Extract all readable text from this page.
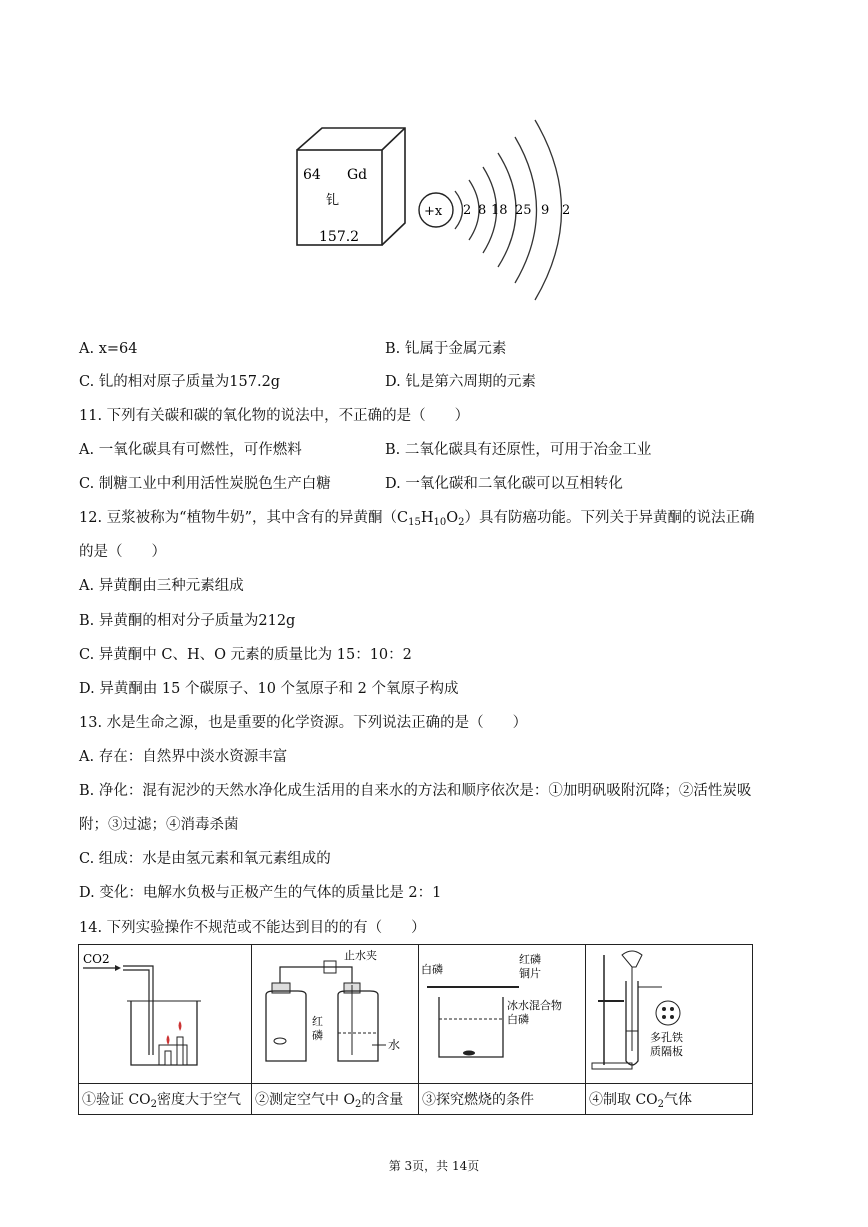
64 Gd
钆
157.2
+x 2 8 18 25 9 2
A. x=64	B. 钆属于金属元素
C. 钆的相对原子质量为157.2g	D. 钆是第六周期的元素
11. 下列有关碳和碳的氧化物的说法中，不正确的是（　　）
A. 一氧化碳具有可燃性，可作燃料	B. 二氧化碳具有还原性，可用于冶金工业
C. 制糖工业中利用活性炭脱色生产白糖	D. 一氧化碳和二氧化碳可以互相转化
12. 豆浆被称为“植物牛奶”，其中含有的异黄酮$(C_{15}H_{10}O_2)$具有防癌功能。下列关于异黄酮的说法正确
的是（　　）
A. 异黄酮由三种元素组成
B. 异黄酮的相对分子质量为212g
C. 异黄酮中 C、H、O 元素的质量比为 15：10：2
D. 异黄酮由 15 个碳原子、10 个氢原子和 2 个氧原子构成
13. 水是生命之源，也是重要的化学资源。下列说法正确的是（　　）
A. 存在：自然界中淡水资源丰富
B. 净化：混有泥沙的天然水净化成生活用的自来水的方法和顺序依次是：①加明矾吸附沉降；②活性炭吸
附；③过滤；④消毒杀菌
C. 组成：水是由氢元素和氧元素组成的
D. 变化：电解水负极与正极产生的气体的质量比是 2：1
14. 下列实验操作不规范或不能达到目的的有（　　）
CO2	止水夹
红
磷
水	白磷
红磷
铜片
冰水混合物
白磷	多孔铁
质隔板

①验证 $CO_2$密度大于空气	②测定空气中 $O_2$的含量	③探究燃烧的条件	④制取 $CO_2$气体
第 3页，共 14页
